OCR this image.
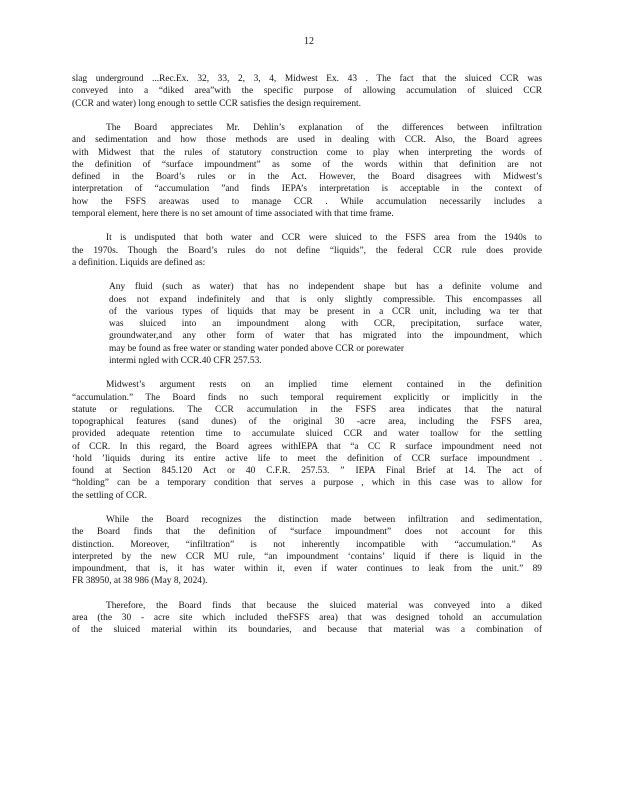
12

slag underground ...Rec.Ex. 32, 33, 2, 3, 4, Midwest Ex. 43 . The fact that the sluiced CCR was
conveyed into a “diked area”with the specific purpose of allowing accumulation of sluiced CCR
(CCR and water) long enough to settle CCR satisfies the design requirement.

The Board appreciates Mr. Dehlin’s explanation of the differences between infiltration
and sedimentation and how those methods are used in dealing with CCR. Also, the Board agrees
with Midwest that the rules of statutory construction come to play when interpreting the words of
the definition of “surface impoundment” as some of the words within that definition are not
defined in the Board’s rules or in the Act. However, the Board disagrees with Midwest’s
interpretation of “accumulation ”and finds IEPA’s interpretation is acceptable in the context of
how the FSFS areawas used to manage CCR . While accumulation necessarily includes a
temporal element, here there is no set amount of time associated with that time frame.

It is undisputed that both water and CCR were sluiced to the FSFS area from the 1940s to
the 1970s. Though the Board’s rules do not define “liquids”, the federal CCR rule does provide
a definition. Liquids are defined as:

Any fluid (such as water) that has no independent shape but has a definite volume and
does not expand indefinitely and that is only slightly compressible. This encompasses all
of the various types of liquids that may be present in a CCR unit, including wa ter that
was sluiced into an impoundment along with CCR, precipitation, surface water,
groundwater,and any other form of water that has migrated into the impoundment, which
may be found as free water or standing water ponded above CCR or porewater
intermi ngled with CCR.40 CFR 257.53.

Midwest’s argument rests on an implied time element contained in the definition
“accumulation.” The Board finds no such temporal requirement explicitly or implicitly in the
statute or regulations. The CCR accumulation in the FSFS area indicates that the natural
topographical features (sand dunes) of the original 30 -acre area, including the FSFS area,
provided adequate retention time to accumulate sluiced CCR and water toallow for the settling
of CCR. In this regard, the Board agrees withIEPA that “a CC R surface impoundment need not
‘hold ’liquids during its entire active life to meet the definition of CCR surface impoundment .
found at Section 845.120 Act or 40 C.F.R. 257.53. ” IEPA Final Brief at 14. The act of
“holding” can be a temporary condition that serves a purpose , which in this case was to allow for
the settling of CCR.

While the Board recognizes the distinction made between infiltration and sedimentation,
the Board finds that the definition of “surface impoundment” does not account for this
distinction. Moreover, “infiltration” is not inherently incompatible with “accumulation.” As
interpreted by the new CCR MU rule, “an impoundment ‘contains’ liquid if there is liquid in the
impoundment, that is, it has water within it, even if water continues to leak from the unit.” 89
FR 38950, at 38 986 (May 8, 2024).

Therefore, the Board finds that because the sluiced material was conveyed into a diked
area (the 30 - acre site which included theFSFS area) that was designed tohold an accumulation
of the sluiced material within its boundaries, and because that material was a combination of
